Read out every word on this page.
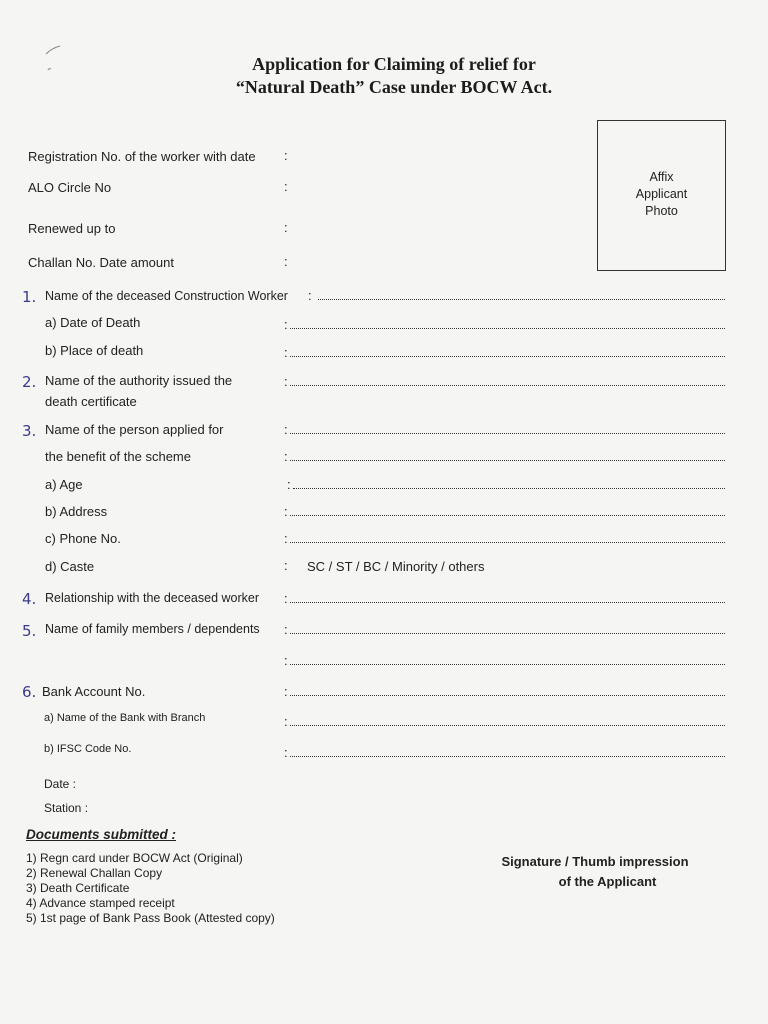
Application for Claiming of relief for
“Natural Death” Case under BOCW Act.
Affix
Applicant
Photo
Registration No. of the worker with date :
ALO Circle No	:
Renewed up to	:
Challan No. Date amount	:
1. Name of the deceased Construction Worker :
a) Date of Death	:
b) Place of death	:
2. Name of the authority issued the
death certificate
:
3. Name of the person applied for	:
the benefit of the scheme	:
a) Age	:
b) Address	:
c) Phone No.	:
d) Caste	: SC / ST / BC / Minority / others
4. Relationship with the deceased worker :
5. Name of family members / dependents :
:
6. Bank Account No.	:
a) Name of the Bank with Branch	:
b) IFSC Code No.	:
Date :
Station :
Documents submitted :
1) Regn card under BOCW Act (Original)
2) Renewal Challan Copy
3) Death Certificate
4) Advance stamped receipt
5) 1st page of Bank Pass Book (Attested copy)
Signature / Thumb impression
of the Applicant
